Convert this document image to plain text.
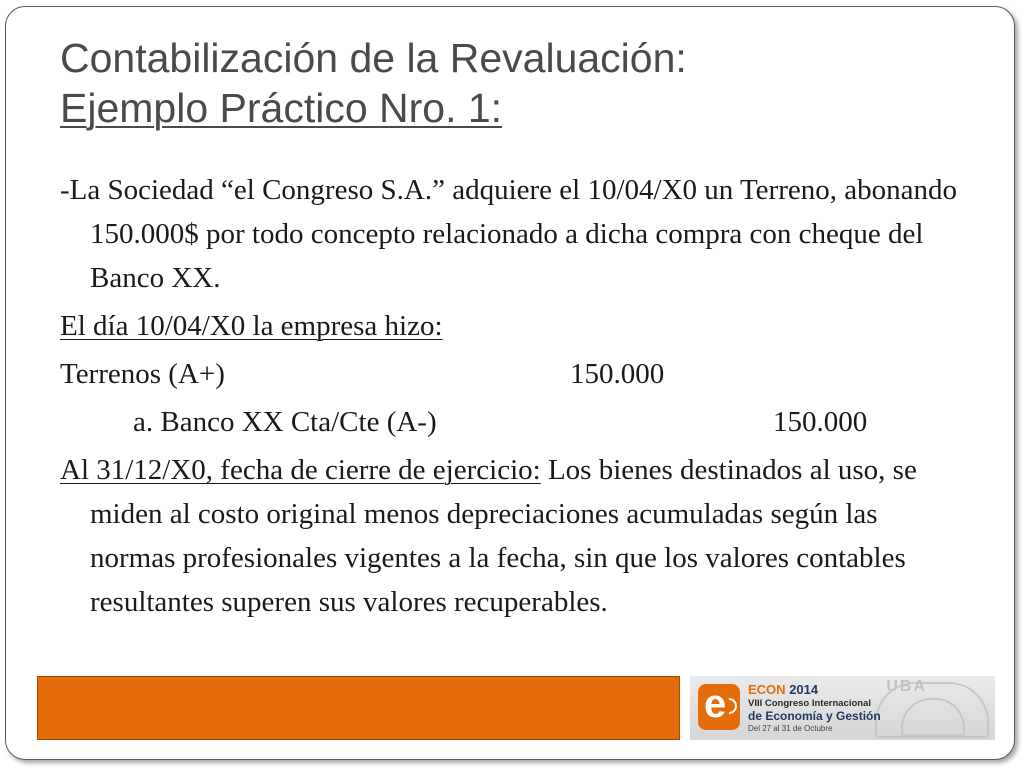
Contabilización de la Revaluación:
Ejemplo Práctico Nro. 1:

-La Sociedad “el Congreso S.A.” adquiere el 10/04/X0 un Terreno, abonando 150.000$ por todo concepto relacionado a dicha compra con cheque del Banco XX.

El día 10/04/X0 la empresa hizo:

Terrenos (A+)	150.000
a. Banco XX Cta/Cte (A-)	150.000

Al 31/12/X0, fecha de cierre de ejercicio: Los bienes destinados al uso, se miden al costo original menos depreciaciones acumuladas según las normas profesionales vigentes a la fecha, sin que los valores contables resultantes superen sus valores recuperables.

UBA
e ECON 2014
VIII Congreso Internacional
de Economía y Gestión
Del 27 al 31 de Octubre
